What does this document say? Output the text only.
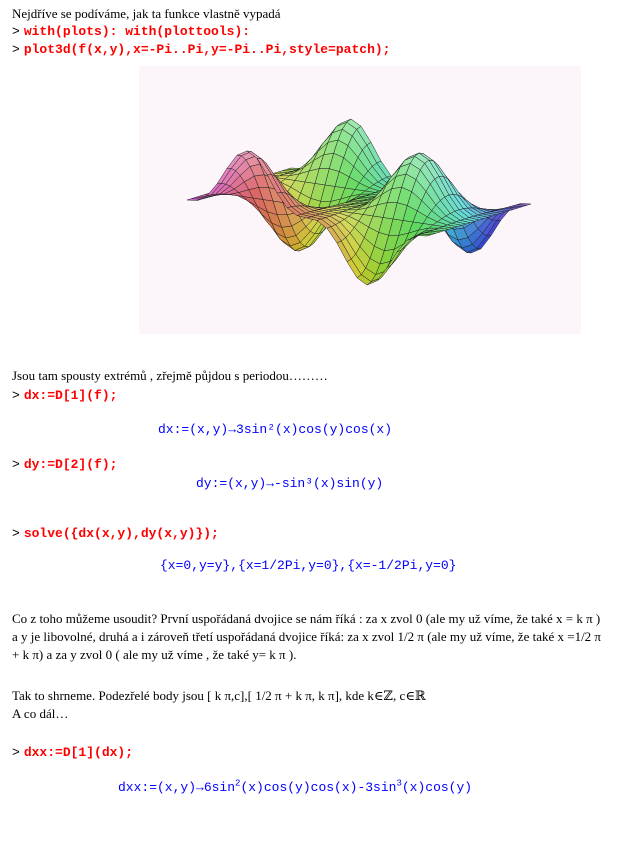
Nejdříve se podíváme, jak ta funkce vlastně vypadá
> with(plots): with(plottools):
> plot3d(f(x,y),x=-Pi..Pi,y=-Pi..Pi,style=patch);
Jsou tam spousty extrémů , zřejmě půjdou s periodou………
> dx:=D[1](f);
dx:=(x,y)→3sin²(x)cos(y)cos(x)
> dy:=D[2](f);
dy:=(x,y)→-sin³(x)sin(y)
> solve({dx(x,y),dy(x,y)});
{x=0,y=y},{x=1/2Pi,y=0},{x=-1/2Pi,y=0}
Co z toho můžeme usoudit? První uspořádaná dvojice se nám říká : za x zvol 0 (ale my už víme, že také x = k π ) a y je libovolné, druhá a i zároveň třetí uspořádaná dvojice říká: za x zvol 1/2 π (ale my už víme, že také x =1/2 π + k π) a za y zvol 0 ( ale my už víme , že také y= k π ).
Tak to shrneme. Podezřelé body jsou [ k π,c],[ 1/2 π + k π, k π], kde k∈ℤ, c∈ℝ
A co dál…
> dxx:=D[1](dx);
$dxx:=(x,y)\to 6\sin^2(x)\cos(y)\cos(x)-3\sin^3(x)\cos(y)$
